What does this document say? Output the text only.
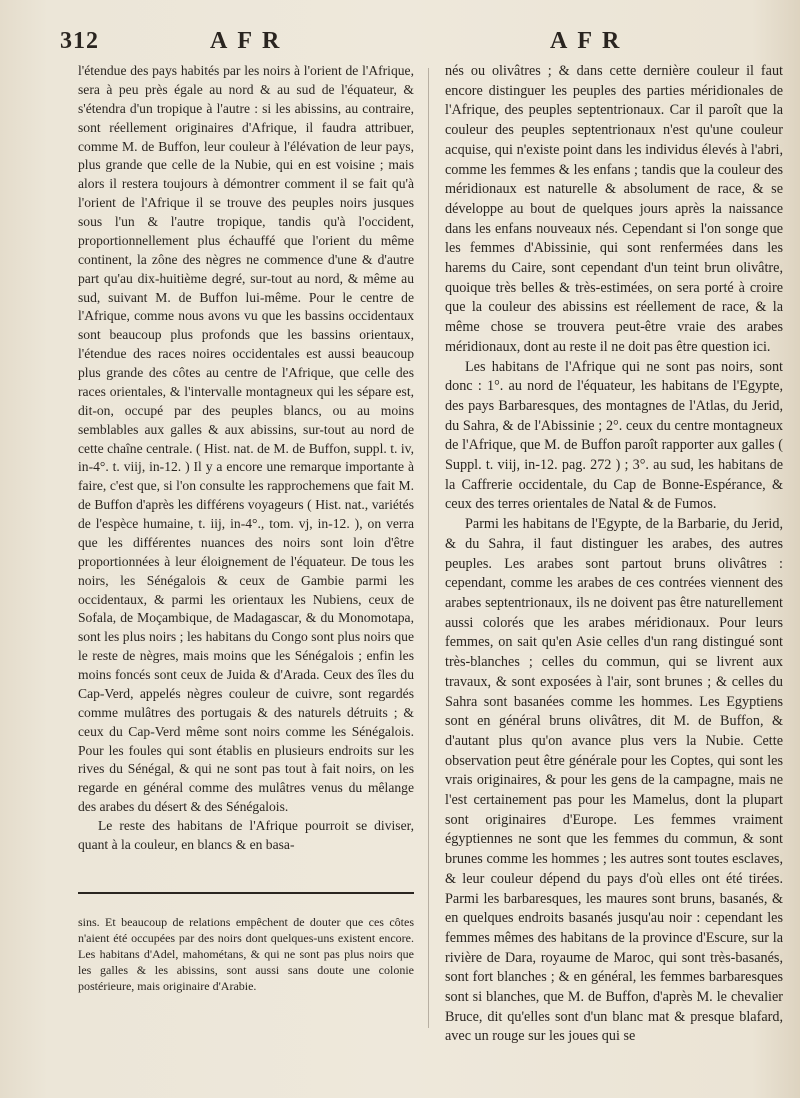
312	AFR	AFR

l'étendue des pays habités par les noirs à l'orient de l'Afrique, sera à peu près égale au nord & au sud de l'équateur, & s'étendra d'un tropique à l'autre : si les abissins, au contraire, sont réellement originaires d'Afrique, il faudra attribuer, comme M. de Buffon, leur couleur à l'élévation de leur pays, plus grande que celle de la Nubie, qui en est voisine ; mais alors il restera toujours à démontrer comment il se fait qu'à l'orient de l'Afrique il se trouve des peuples noirs jusques sous l'un & l'autre tropique, tandis qu'à l'occident, proportionnellement plus échauffé que l'orient du même continent, la zône des nègres ne commence d'une & d'autre part qu'au dix-huitième degré, sur-tout au nord, & même au sud, suivant M. de Buffon lui-même. Pour le centre de l'Afrique, comme nous avons vu que les bassins occidentaux sont beaucoup plus profonds que les bassins orientaux, l'étendue des races noires occidentales est aussi beaucoup plus grande des côtes au centre de l'Afrique, que celle des races orientales, & l'intervalle montagneux qui les sépare est, dit-on, occupé par des peuples blancs, ou au moins semblables aux galles & aux abissins, sur-tout au nord de cette chaîne centrale. ( Hist. nat. de M. de Buffon, suppl. t. iv, in-4°. t. viij, in-12. ) Il y a encore une remarque importante à faire, c'est que, si l'on consulte les rapprochemens que fait M. de Buffon d'après les différens voyageurs ( Hist. nat., variétés de l'espèce humaine, t. iij, in-4°., tom. vj, in-12. ), on verra que les différentes nuances des noirs sont loin d'être proportionnées à leur éloignement de l'équateur. De tous les noirs, les Sénégalois & ceux de Gambie parmi les occidentaux, & parmi les orientaux les Nubiens, ceux de Sofala, de Moçambique, de Madagascar, & du Monomotapa, sont les plus noirs ; les habitans du Congo sont plus noirs que le reste de nègres, mais moins que les Sénégalois ; enfin les moins foncés sont ceux de Juida & d'Arada. Ceux des îles du Cap-Verd, appelés nègres couleur de cuivre, sont regardés comme mulâtres des portugais & des naturels détruits ; & ceux du Cap-Verd même sont noirs comme les Sénégalois. Pour les foules qui sont établis en plusieurs endroits sur les rives du Sénégal, & qui ne sont pas tout à fait noirs, on les regarde en général comme des mulâtres venus du mêlange des arabes du désert & des Sénégalois.

Le reste des habitans de l'Afrique pourroit se diviser, quant à la couleur, en blancs & en basa-

nés ou olivâtres ; & dans cette dernière couleur il faut encore distinguer les peuples des parties méridionales de l'Afrique, des peuples septentrionaux. Car il paroît que la couleur des peuples septentrionaux n'est qu'une couleur acquise, qui n'existe point dans les individus élevés à l'abri, comme les femmes & les enfans ; tandis que la couleur des méridionaux est naturelle & absolument de race, & se développe au bout de quelques jours après la naissance dans les enfans nouveaux nés. Cependant si l'on songe que les femmes d'Abissinie, qui sont renfermées dans les harems du Caire, sont cependant d'un teint brun olivâtre, quoique très belles & très-estimées, on sera porté à croire que la couleur des abissins est réellement de race, & la même chose se trouvera peut-être vraie des arabes méridionaux, dont au reste il ne doit pas être question ici.

Les habitans de l'Afrique qui ne sont pas noirs, sont donc : 1°. au nord de l'équateur, les habitans de l'Egypte, des pays Barbaresques, des montagnes de l'Atlas, du Jerid, du Sahra, & de l'Abissinie ; 2°. ceux du centre montagneux de l'Afrique, que M. de Buffon paroît rapporter aux galles ( Suppl. t. viij, in-12. pag. 272 ) ; 3°. au sud, les habitans de la Caffrerie occidentale, du Cap de Bonne-Espérance, & ceux des terres orientales de Natal & de Fumos.

Parmi les habitans de l'Egypte, de la Barbarie, du Jerid, & du Sahra, il faut distinguer les arabes, des autres peuples. Les arabes sont partout bruns olivâtres : cependant, comme les arabes de ces contrées viennent des arabes septentrionaux, ils ne doivent pas être naturellement aussi colorés que les arabes méridionaux. Pour leurs femmes, on sait qu'en Asie celles d'un rang distingué sont très-blanches ; celles du commun, qui se livrent aux travaux, & sont exposées à l'air, sont brunes ; & celles du Sahra sont basanées comme les hommes. Les Egyptiens sont en général bruns olivâtres, dit M. de Buffon, & d'autant plus qu'on avance plus vers la Nubie. Cette observation peut être générale pour les Coptes, qui sont les vrais originaires, & pour les gens de la campagne, mais ne l'est certainement pas pour les Mamelus, dont la plupart sont originaires d'Europe. Les femmes vraiment égyptiennes ne sont que les femmes du commun, & sont brunes comme les hommes ; les autres sont toutes esclaves, & leur couleur dépend du pays d'où elles ont été tirées. Parmi les barbaresques, les maures sont bruns, basanés, & en quelques endroits basanés jusqu'au noir : cependant les femmes mêmes des habitans de la province d'Escure, sur la rivière de Dara, royaume de Maroc, qui sont très-basanés, sont fort blanches ; & en général, les femmes barbaresques sont si blanches, que M. de Buffon, d'après M. le chevalier Bruce, dit qu'elles sont d'un blanc mat & presque blafard, avec un rouge sur les joues qui se

sins. Et beaucoup de relations empêchent de douter que ces côtes n'aient été occupées par des noirs dont quelques-uns existent encore. Les habitans d'Adel, mahométans, & qui ne sont pas plus noirs que les galles & les abissins, sont aussi sans doute une colonie postérieure, mais originaire d'Arabie.
